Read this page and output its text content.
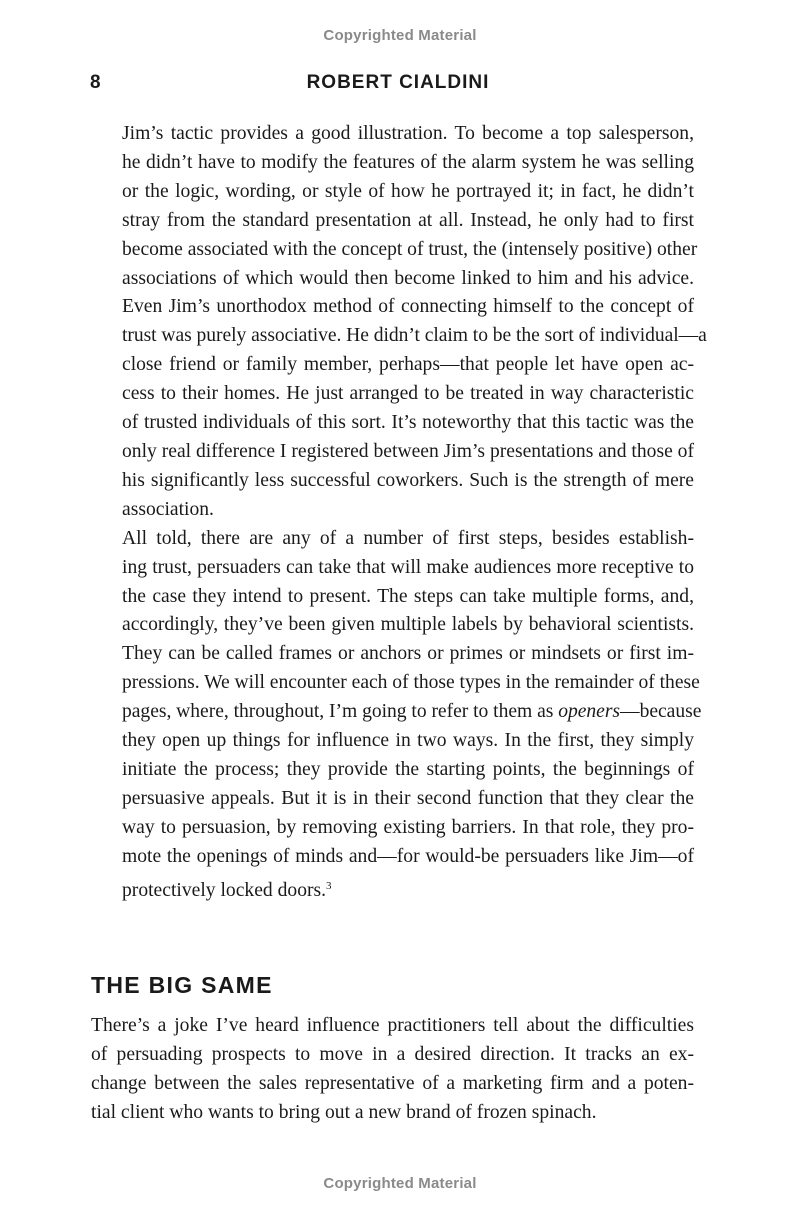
Copyrighted Material
8	ROBERT CIALDINI

Jim’s tactic provides a good illustration. To become a top salesperson,
he didn’t have to modify the features of the alarm system he was selling
or the logic, wording, or style of how he portrayed it; in fact, he didn’t
stray from the standard presentation at all. Instead, he only had to first
become associated with the concept of trust, the (intensely positive) other
associations of which would then become linked to him and his advice.
Even Jim’s unorthodox method of connecting himself to the concept of
trust was purely associative. He didn’t claim to be the sort of individual—a
close friend or family member, perhaps—that people let have open ac-
cess to their homes. He just arranged to be treated in way characteristic
of trusted individuals of this sort. It’s noteworthy that this tactic was the
only real difference I registered between Jim’s presentations and those of
his significantly less successful coworkers. Such is the strength of mere
association.

All told, there are any of a number of first steps, besides establish-
ing trust, persuaders can take that will make audiences more receptive to
the case they intend to present. The steps can take multiple forms, and,
accordingly, they’ve been given multiple labels by behavioral scientists.
They can be called frames or anchors or primes or mindsets or first im-
pressions. We will encounter each of those types in the remainder of these
pages, where, throughout, I’m going to refer to them as openers—because
they open up things for influence in two ways. In the first, they simply
initiate the process; they provide the starting points, the beginnings of
persuasive appeals. But it is in their second function that they clear the
way to persuasion, by removing existing barriers. In that role, they pro-
mote the openings of minds and—for would-be persuaders like Jim—of
protectively locked doors.$^3$

THE BIG SAME

There’s a joke I’ve heard influence practitioners tell about the difficulties
of persuading prospects to move in a desired direction. It tracks an ex-
change between the sales representative of a marketing firm and a poten-
tial client who wants to bring out a new brand of frozen spinach.

Copyrighted Material
